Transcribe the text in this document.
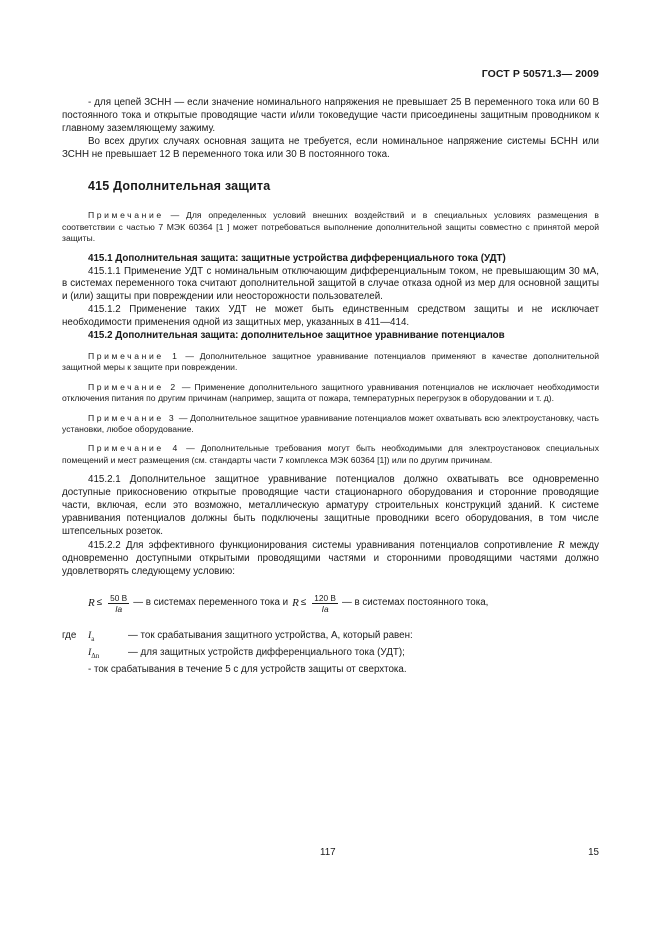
ГОСТ Р 50571.3— 2009

- для цепей ЗСНН — если значение номинального напряжения не превышает 25 В переменного тока или 60 В постоянного тока и открытые проводящие части и/или токоведущие части присоединены защитным проводником к главному заземляющему зажиму.

Во всех других случаях основная защита не требуется, если номинальное напряжение системы БСНН или ЗСНН не превышает 12 В переменного тока или 30 В постоянного тока.

415 Дополнительная защита

Примечание — Для определенных условий внешних воздействий и в специальных условиях размещения в соответствии с частью 7 МЭК 60364 [1 ] может потребоваться выполнение дополнительной защиты совместно с принятой мерой защиты.

415.1 Дополнительная защита: защитные устройства дифференциального тока (УДТ)

415.1.1 Применение УДТ с номинальным отключающим дифференциальным током, не превышающим 30 мА, в системах переменного тока считают дополнительной защитой в случае отказа одной из мер для основной защиты и (или) защиты при повреждении или неосторожности пользователей.

415.1.2 Применение таких УДТ не может быть единственным средством защиты и не исключает необходимости применения одной из защитных мер, указанных в 411—414.

415.2 Дополнительная защита: дополнительное защитное уравнивание потенциалов

Примечание 1 — Дополнительное защитное уравнивание потенциалов применяют в качестве дополнительной защитной меры к защите при повреждении.

Примечание 2 — Применение дополнительного защитного уравнивания потенциалов не исключает необходимости отключения питания по другим причинам (например, защита от пожара, температурных перегрузок в оборудовании и т. д).

Примечание 3 — Дополнительное защитное уравнивание потенциалов может охватывать всю электроустановку, часть установки, любое оборудование.

Примечание 4 — Дополнительные требования могут быть необходимыми для электроустановок специальных помещений и мест размещения (см. стандарты части 7 комплекса МЭК 60364 [1]) или по другим причинам.

415.2.1 Дополнительное защитное уравнивание потенциалов должно охватывать все одновременно доступные прикосновению открытые проводящие части стационарного оборудования и сторонние проводящие части, включая, если это возможно, металлическую арматуру строительных конструкций зданий. К системе уравнивания потенциалов должны быть подключены защитные проводники всего оборудования, в том числе штепсельных розеток.

415.2.2 Для эффективного функционирования системы уравнивания потенциалов сопротивление R между одновременно доступными открытыми проводящими частями и сторонними проводящими частями должно удовлетворять следующему условию:

$R \le \frac{50 В}{Iа}$ — в системах переменного тока и $R \le \frac{120 В}{Iа}$ — в системах постоянного тока,
где	$I_а$	— ток срабатывания защитного устройства, А, который равен:
$I_{\Delta n}$	— для защитных устройств дифференциального тока (УДТ);
- ток срабатывания в течение 5 с для устройств защиты от сверхтока.
117	15
